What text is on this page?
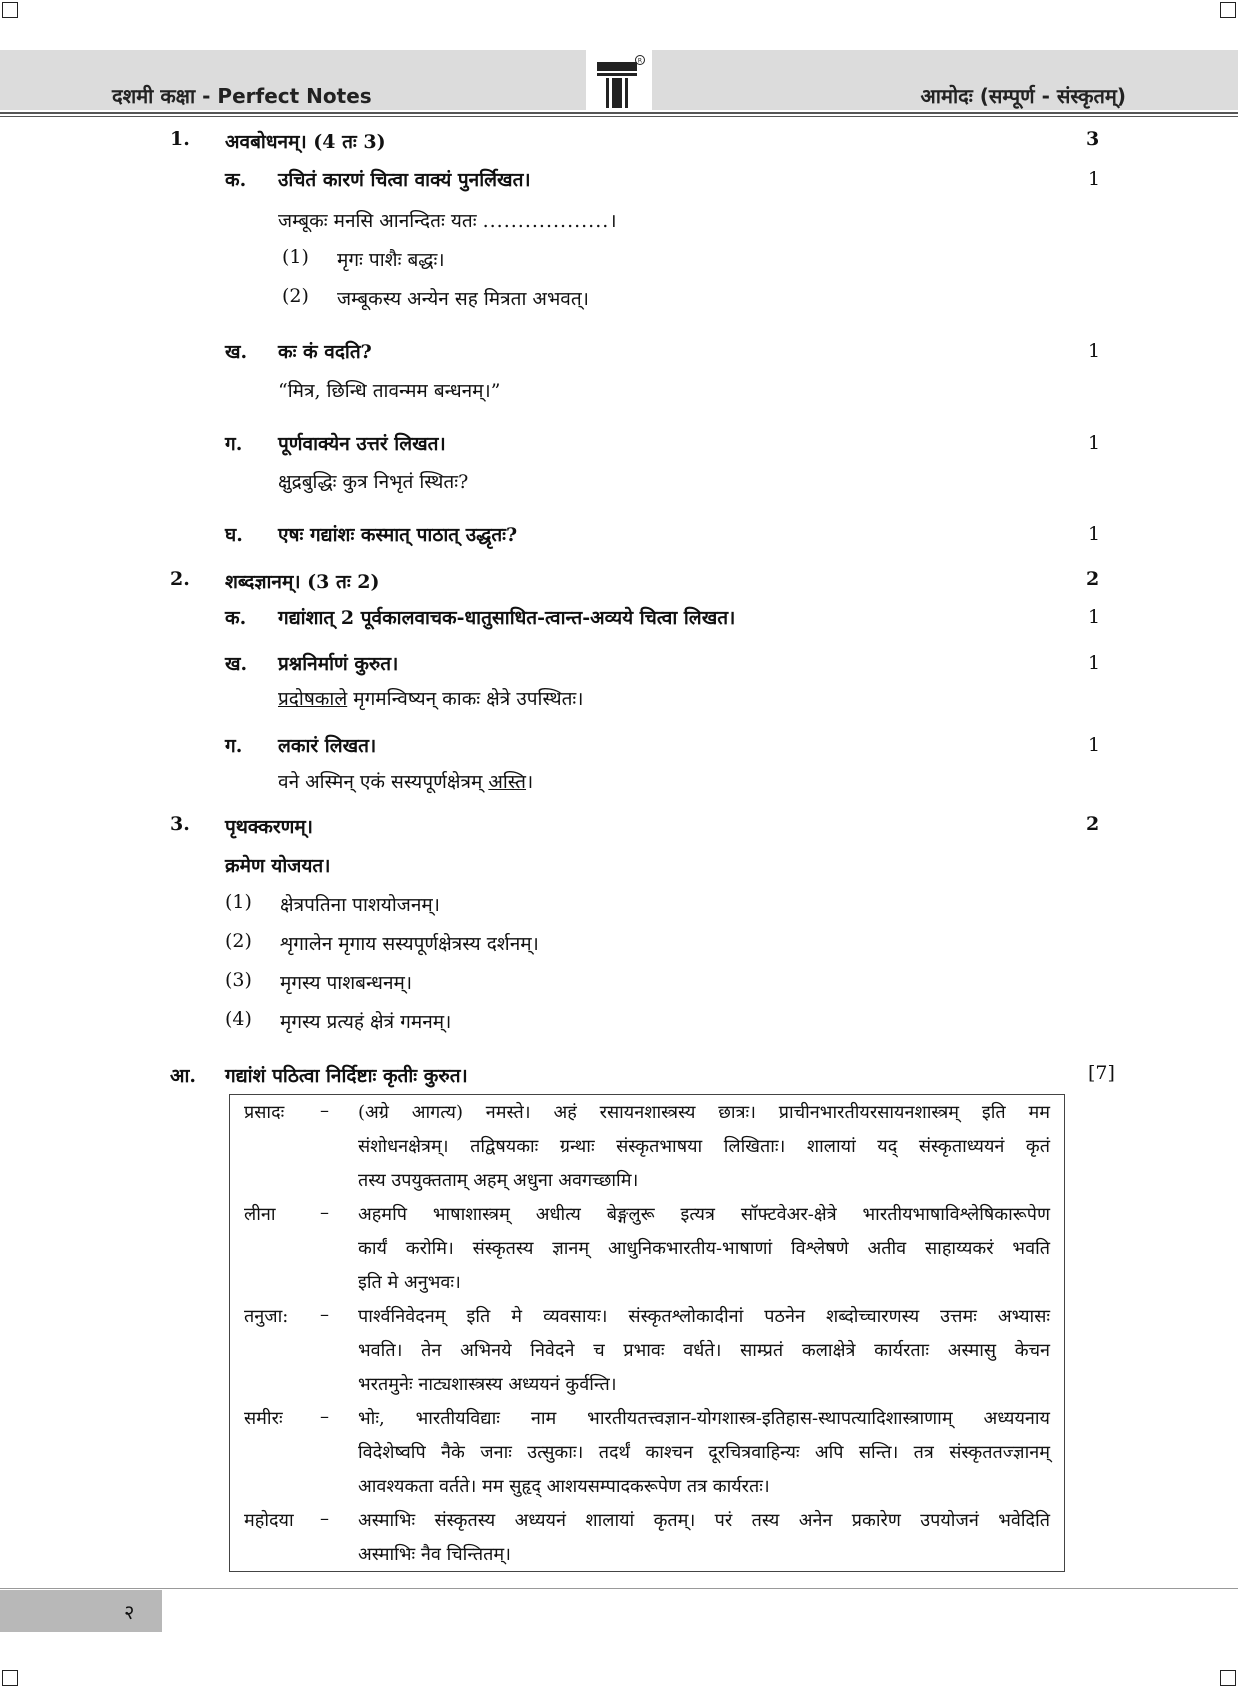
दशमी कक्षा - Perfect Notes	आमोदः (सम्पूर्ण - संस्कृतम्)
R
1. अवबोधनम्। (4 तः 3)	3
क. उचितं कारणं चित्वा वाक्यं पुनर्लिखत।	1
जम्बूकः मनसि आनन्दितः यतः ..................।
(1) मृगः पाशैः बद्धः।
(2) जम्बूकस्य अन्येन सह मित्रता अभवत्।
ख. कः कं वदति?	1
“मित्र, छिन्धि तावन्मम बन्धनम्।”
ग. पूर्णवाक्येन उत्तरं लिखत।	1
क्षुद्रबुद्धिः कुत्र निभृतं स्थितः?
घ. एषः गद्यांशः कस्मात् पाठात् उद्धृतः?	1
2. शब्दज्ञानम्। (3 तः 2)	2
क. गद्यांशात् 2 पूर्वकालवाचक-धातुसाधित-त्वान्त-अव्यये चित्वा लिखत।	1
ख. प्रश्ननिर्माणं कुरुत।	1
प्रदोषकाले मृगमन्विष्यन् काकः क्षेत्रे उपस्थितः।
ग. लकारं लिखत।	1
वने अस्मिन् एकं सस्यपूर्णक्षेत्रम् अस्ति।
3. पृथक्करणम्।	2
क्रमेण योजयत।
(1) क्षेत्रपतिना पाशयोजनम्।
(2) शृगालेन मृगाय सस्यपूर्णक्षेत्रस्य दर्शनम्।
(3) मृगस्य पाशबन्धनम्।
(4) मृगस्य प्रत्यहं क्षेत्रं गमनम्।
आ. गद्यांशं पठित्वा निर्दिष्टाः कृतीः कुरुत।	[7]
प्रसादः – (अग्रे आगत्य) नमस्ते। अहं रसायनशास्त्रस्य छात्रः। प्राचीनभारतीयरसायनशास्त्रम् इति मम
संशोधनक्षेत्रम्। तद्विषयकाः ग्रन्थाः संस्कृतभाषया लिखिताः। शालायां यद् संस्कृताध्ययनं कृतं
तस्य उपयुक्तताम् अहम् अधुना अवगच्छामि।
लीना – अहमपि भाषाशास्त्रम् अधीत्य बेङ्गलुरू इत्यत्र सॉफ्टवेअर-क्षेत्रे भारतीयभाषाविश्लेषिकारूपेण
कार्यं करोमि। संस्कृतस्य ज्ञानम् आधुनिकभारतीय-भाषाणां विश्लेषणे अतीव साहाय्यकरं भवति
इति मे अनुभवः।
तनुजा: – पार्श्वनिवेदनम् इति मे व्यवसायः। संस्कृतश्लोकादीनां पठनेन शब्दोच्चारणस्य उत्तमः अभ्यासः
भवति। तेन अभिनये निवेदने च प्रभावः वर्धते। साम्प्रतं कलाक्षेत्रे कार्यरताः अस्मासु केचन
भरतमुनेः नाट्यशास्त्रस्य अध्ययनं कुर्वन्ति।
समीरः – भोः, भारतीयविद्याः नाम भारतीयतत्त्वज्ञान-योगशास्त्र-इतिहास-स्थापत्यादिशास्त्राणाम् अध्ययनाय
विदेशेष्वपि नैके जनाः उत्सुकाः। तदर्थं काश्चन दूरचित्रवाहिन्यः अपि सन्ति। तत्र संस्कृततज्ज्ञानम्
आवश्यकता वर्तते। मम सुहृद् आशयसम्पादकरूपेण तत्र कार्यरतः।
महोदया – अस्माभिः संस्कृतस्य अध्ययनं शालायां कृतम्। परं तस्य अनेन प्रकारेण उपयोजनं भवेदिति
अस्माभिः नैव चिन्तितम्।
२
